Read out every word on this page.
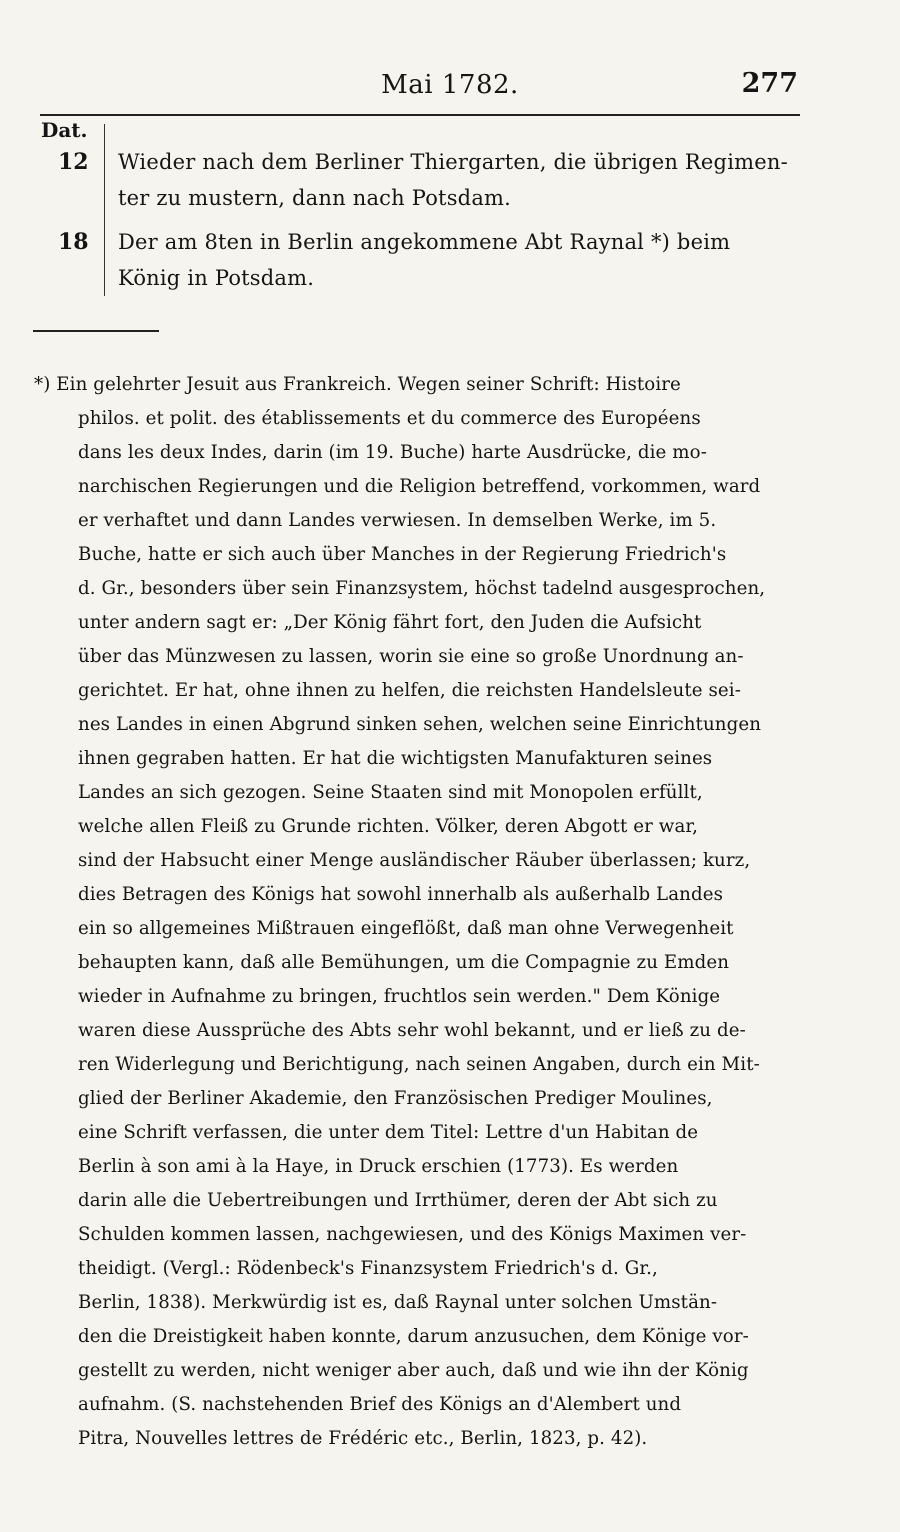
Mai 1782.	277
Dat.
12 Wieder nach dem Berliner Thiergarten, die übrigen Regimen-
ter zu mustern, dann nach Potsdam.
18 Der am 8ten in Berlin angekommene Abt Raynal *) beim
König in Potsdam.
*) Ein gelehrter Jesuit aus Frankreich. Wegen seiner Schrift: Histoire
philos. et polit. des établissements et du commerce des Européens
dans les deux Indes, darin (im 19. Buche) harte Ausdrücke, die mo-
narchischen Regierungen und die Religion betreffend, vorkommen, ward
er verhaftet und dann Landes verwiesen. In demselben Werke, im 5.
Buche, hatte er sich auch über Manches in der Regierung Friedrich's
d. Gr., besonders über sein Finanzsystem, höchst tadelnd ausgesprochen,
unter andern sagt er: „Der König fährt fort, den Juden die Aufsicht
über das Münzwesen zu lassen, worin sie eine so große Unordnung an-
gerichtet. Er hat, ohne ihnen zu helfen, die reichsten Handelsleute sei-
nes Landes in einen Abgrund sinken sehen, welchen seine Einrichtungen
ihnen gegraben hatten. Er hat die wichtigsten Manufakturen seines
Landes an sich gezogen. Seine Staaten sind mit Monopolen erfüllt,
welche allen Fleiß zu Grunde richten. Völker, deren Abgott er war,
sind der Habsucht einer Menge ausländischer Räuber überlassen; kurz,
dies Betragen des Königs hat sowohl innerhalb als außerhalb Landes
ein so allgemeines Mißtrauen eingeflößt, daß man ohne Verwegenheit
behaupten kann, daß alle Bemühungen, um die Compagnie zu Emden
wieder in Aufnahme zu bringen, fruchtlos sein werden." Dem Könige
waren diese Aussprüche des Abts sehr wohl bekannt, und er ließ zu de-
ren Widerlegung und Berichtigung, nach seinen Angaben, durch ein Mit-
glied der Berliner Akademie, den Französischen Prediger Moulines,
eine Schrift verfassen, die unter dem Titel: Lettre d'un Habitan de
Berlin à son ami à la Haye, in Druck erschien (1773). Es werden
darin alle die Uebertreibungen und Irrthümer, deren der Abt sich zu
Schulden kommen lassen, nachgewiesen, und des Königs Maximen ver-
theidigt. (Vergl.: Rödenbeck's Finanzsystem Friedrich's d. Gr.,
Berlin, 1838). Merkwürdig ist es, daß Raynal unter solchen Umstän-
den die Dreistigkeit haben konnte, darum anzusuchen, dem Könige vor-
gestellt zu werden, nicht weniger aber auch, daß und wie ihn der König
aufnahm. (S. nachstehenden Brief des Königs an d'Alembert und
Pitra, Nouvelles lettres de Frédéric etc., Berlin, 1823, p. 42).
